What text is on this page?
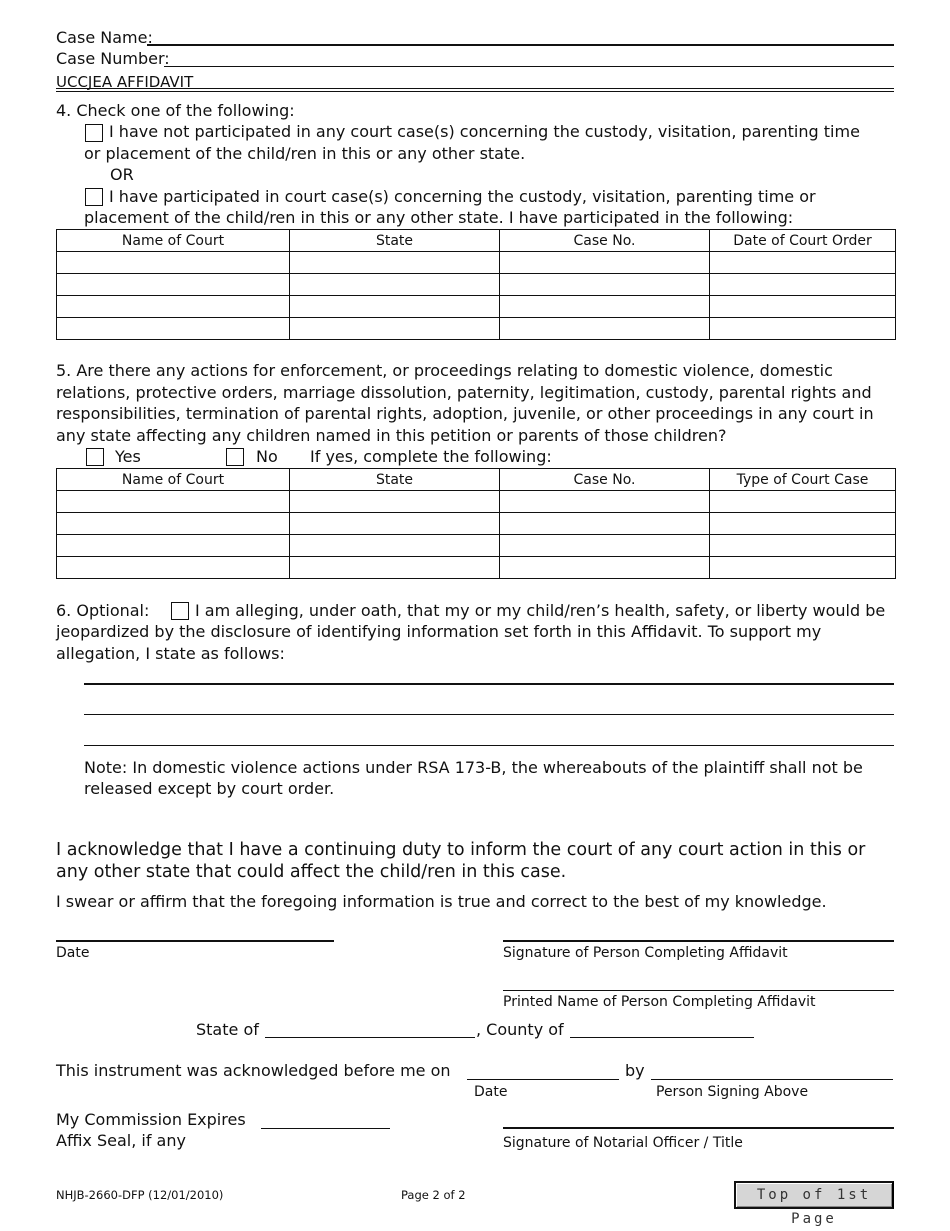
Case Name:
Case Number:
UCCJEA AFFIDAVIT
4. Check one of the following:
I have not participated in any court case(s) concerning the custody, visitation, parenting time
or placement of the child/ren in this or any other state.
OR
I have participated in court case(s) concerning the custody, visitation, parenting time or
placement of the child/ren in this or any other state. I have participated in the following:
Name of Court	State	Case No.	Date of Court Order

5. Are there any actions for enforcement, or proceedings relating to domestic violence, domestic
relations, protective orders, marriage dissolution, paternity, legitimation, custody, parental rights and
responsibilities, termination of parental rights, adoption, juvenile, or other proceedings in any court in
any state affecting any children named in this petition or parents of those children?
Yes	No If yes, complete the following:
Name of Court	State	Case No.	Type of Court Case

6. Optional:	I am alleging, under oath, that my or my child/ren’s health, safety, or liberty would be
jeopardized by the disclosure of identifying information set forth in this Affidavit. To support my
allegation, I state as follows:
Note: In domestic violence actions under RSA 173-B, the whereabouts of the plaintiff shall not be
released except by court order.
I acknowledge that I have a continuing duty to inform the court of any court action in this or
any other state that could affect the child/ren in this case.
I swear or affirm that the foregoing information is true and correct to the best of my knowledge.
Date	Signature of Person Completing Affidavit
Printed Name of Person Completing Affidavit
State of	, County of
This instrument was acknowledged before me on	by
Date	Person Signing Above
My Commission Expires
Affix Seal, if any	Signature of Notarial Officer / Title
NHJB-2660-DFP (12/01/2010)	Page 2 of 2	Top of 1st Page
